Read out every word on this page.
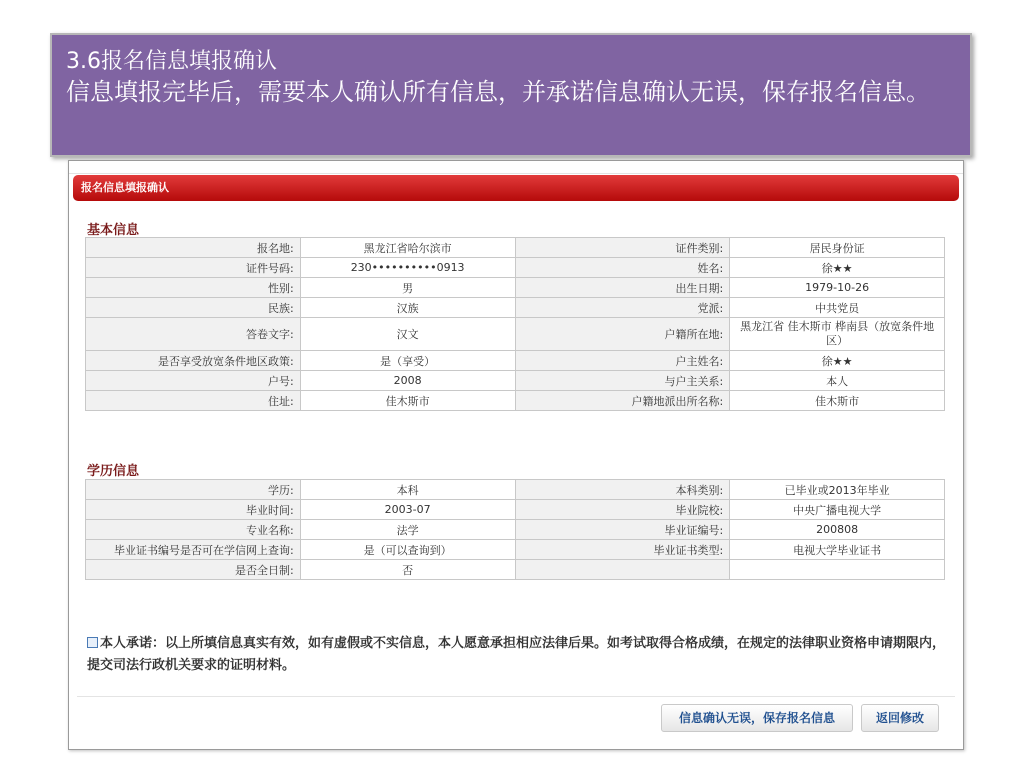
3.6报名信息填报确认
信息填报完毕后，需要本人确认所有信息，并承诺信息确认无误，保存报名信息。
报名信息填报确认
基本信息
报名地:	黑龙江省哈尔滨市	证件类别:	居民身份证
证件号码:	230••••••••••0913	姓名:	徐★★
性别:	男	出生日期:	1979-10-26
民族:	汉族	党派:	中共党员
答卷文字:	汉文	户籍所在地:	黑龙江省 佳木斯市 桦南县（放宽条件地区）
是否享受放宽条件地区政策:	是（享受）	户主姓名:	徐★★
户号:	2008	与户主关系:	本人
住址:	佳木斯市	户籍地派出所名称:	佳木斯市
学历信息
学历:	本科	本科类别:	已毕业或2013年毕业
毕业时间:	2003-07	毕业院校:	中央广播电视大学
专业名称:	法学	毕业证编号:	200808
毕业证书编号是否可在学信网上查询:	是（可以查询到）	毕业证书类型:	电视大学毕业证书
是否全日制:	否		
本人承诺：以上所填信息真实有效，如有虚假或不实信息，本人愿意承担相应法律后果。如考试取得合格成绩，在规定的法律职业资格申请期限内，提交司法行政机关要求的证明材料。
信息确认无误，保存报名信息	返回修改
